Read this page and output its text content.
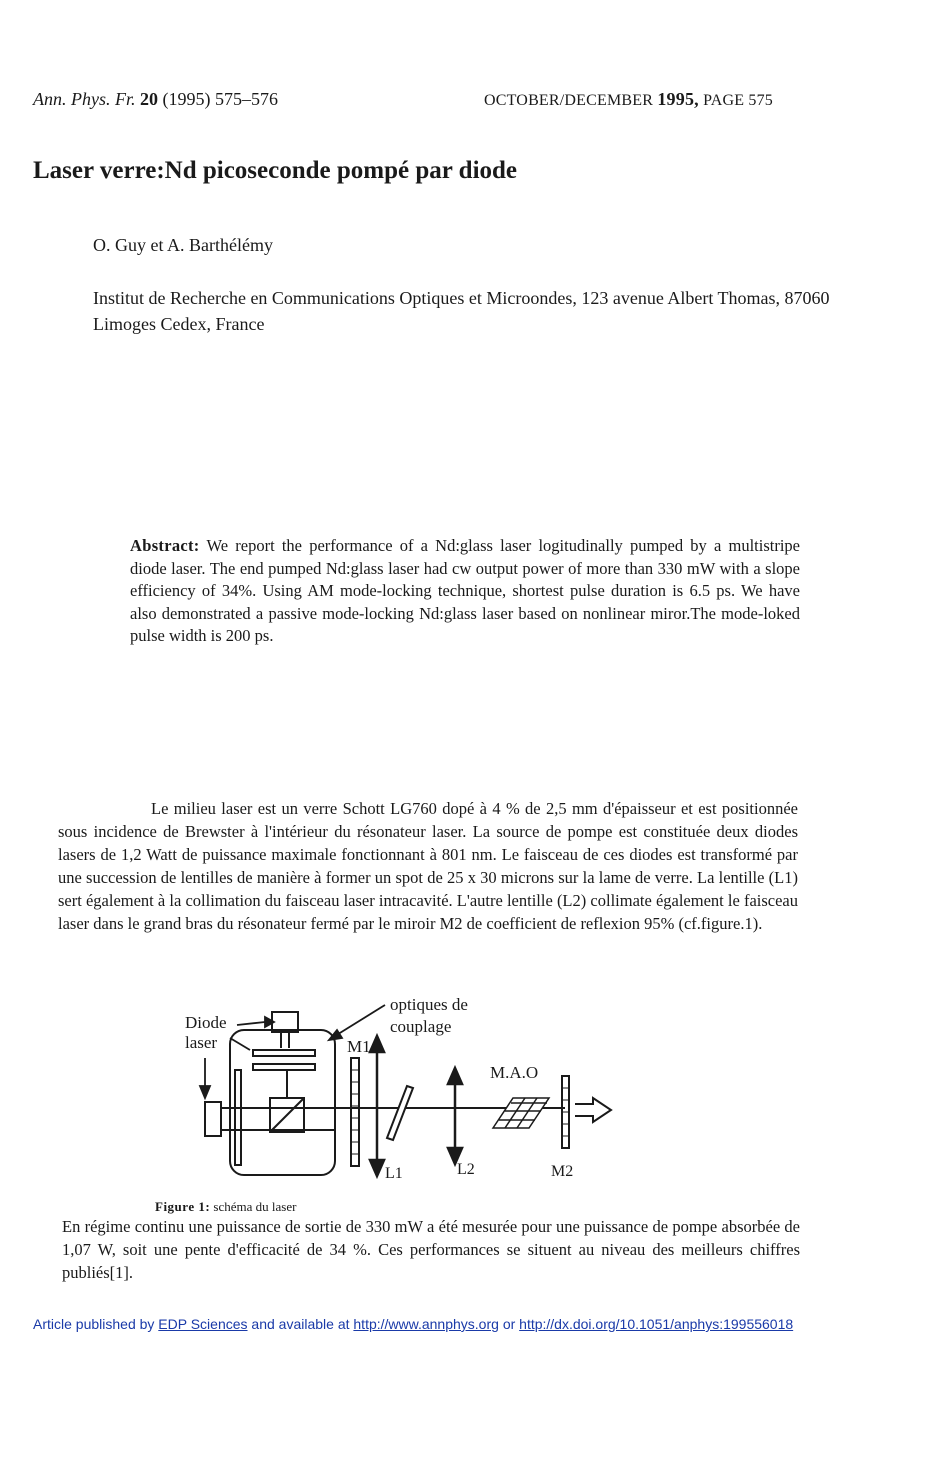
Ann. Phys. Fr. 20 (1995) 575–576	OCTOBER/DECEMBER 1995, PAGE 575
Laser verre:Nd picoseconde pompé par diode
O. Guy et A. Barthélémy
Institut de Recherche en Communications Optiques et Microondes, 123 avenue Albert Thomas, 87060 Limoges Cedex, France
Abstract: We report the performance of a Nd:glass laser logitudinally pumped by a multistripe diode laser. The end pumped Nd:glass laser had cw output power of more than 330 mW with a slope efficiency of 34%. Using AM mode-locking technique, shortest pulse duration is 6.5 ps. We have also demonstrated a passive mode-locking Nd:glass laser based on nonlinear miror.The mode-loked pulse width is 200 ps.
Le milieu laser est un verre Schott LG760 dopé à 4 % de 2,5 mm d'épaisseur et est positionnée sous incidence de Brewster à l'intérieur du résonateur laser. La source de pompe est constituée deux diodes lasers de 1,2 Watt de puissance maximale fonctionnant à 801 nm. Le faisceau de ces diodes est transformé par une succession de lentilles de manière à former un spot de 25 x 30 microns sur la lame de verre. La lentille (L1) sert également à la collimation du faisceau laser intracavité. L'autre lentille (L2) collimate également le faisceau laser dans le grand bras du résonateur fermé par le miroir M2 de coefficient de reflexion 95% (cf.figure.1).
Diode
laser
optiques de
couplage
M1
M.A.O
L1	L2	M2
Figure 1: schéma du laser
En régime continu une puissance de sortie de 330 mW a été mesurée pour une puissance de pompe absorbée de 1,07 W, soit une pente d'efficacité de 34 %. Ces performances se situent au niveau des meilleurs chiffres publiés[1].
Article published by EDP Sciences and available at http://www.annphys.org or http://dx.doi.org/10.1051/anphys:199556018
